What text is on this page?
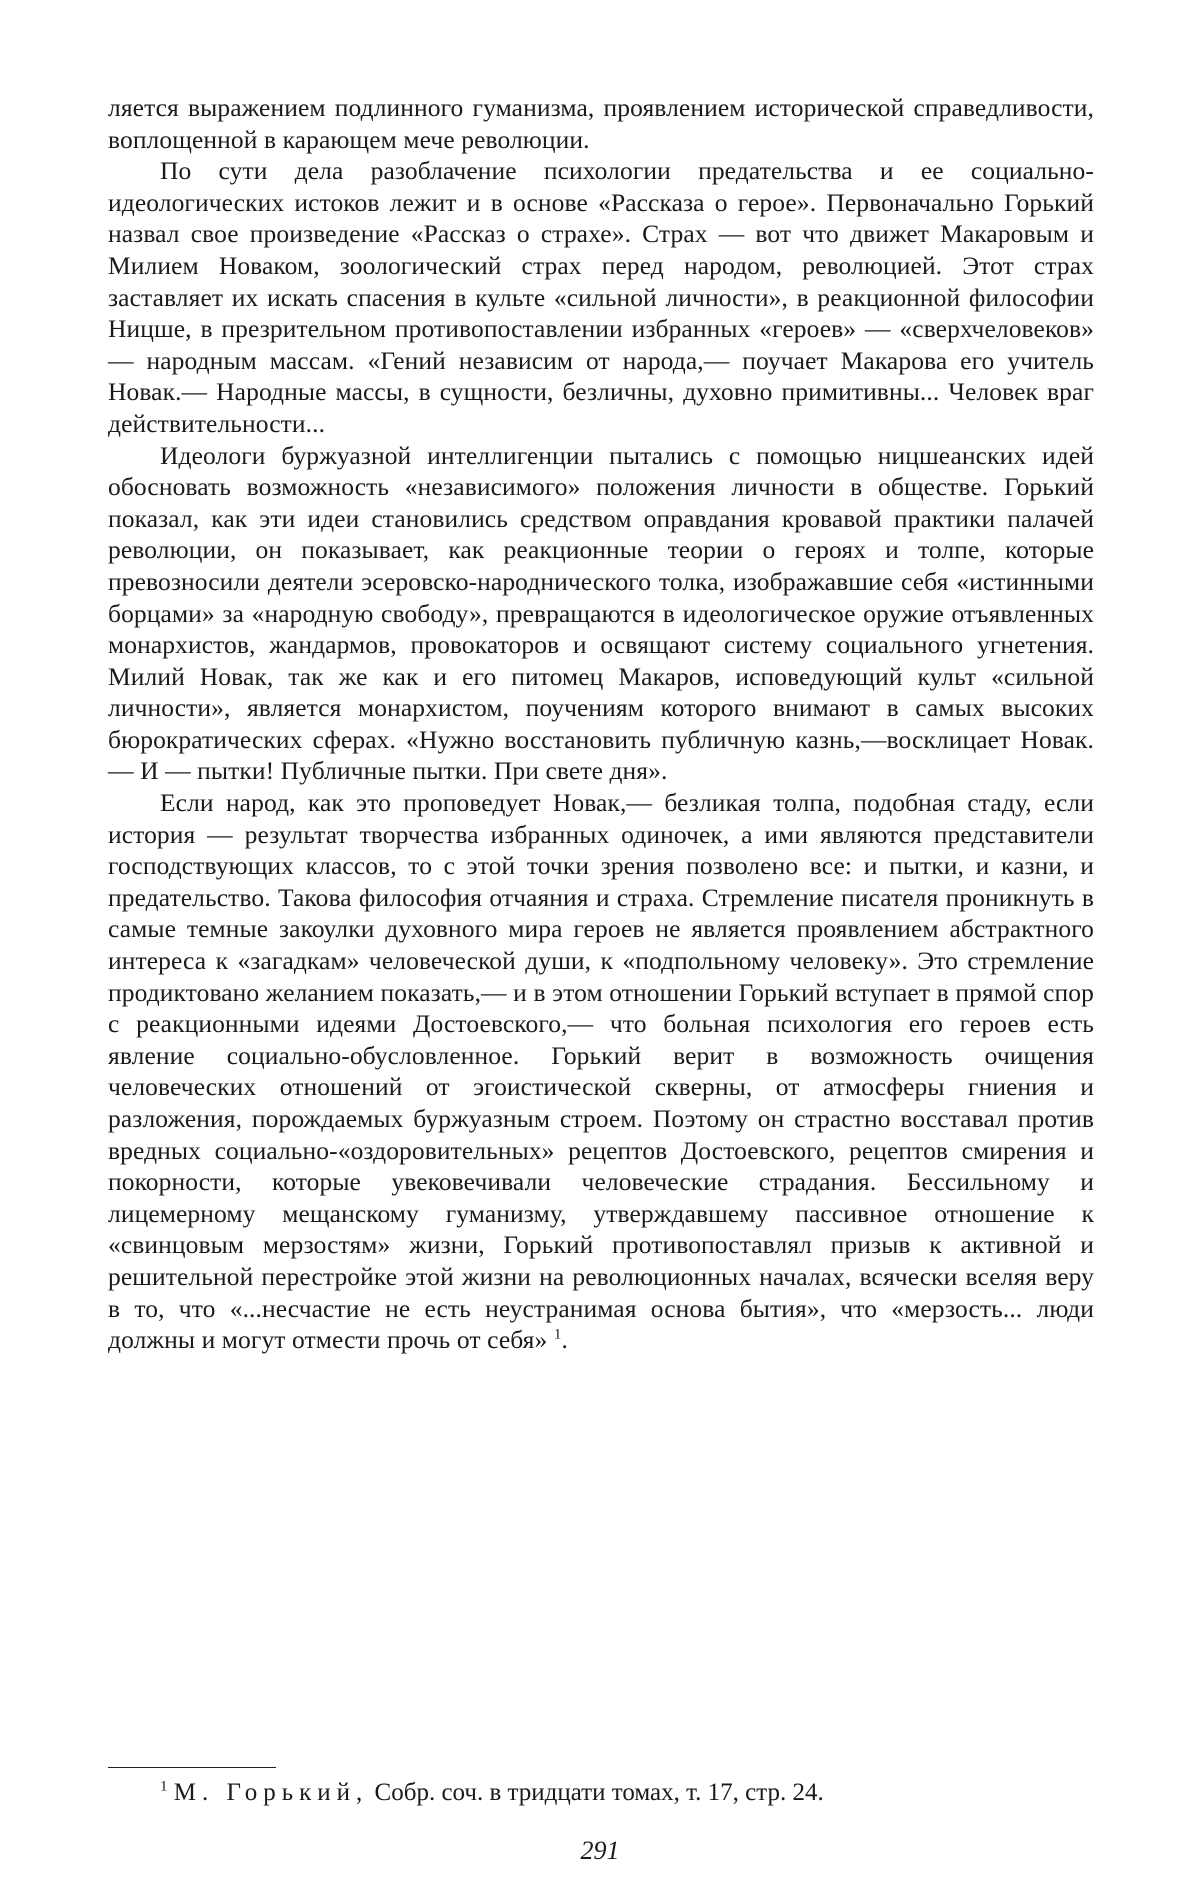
ляется выражением подлинного гуманизма, проявлением исторической справедливости, воплощенной в карающем мече революции.

По сути дела разоблачение психологии предательства и ее социально-идеологических истоков лежит и в основе «Рассказа о герое». Первоначально Горький назвал свое произведение «Рассказ о страхе». Страх — вот что движет Макаровым и Милием Новаком, зоологический страх перед народом, революцией. Этот страх заставляет их искать спасения в культе «сильной личности», в реакционной философии Ницше, в презрительном противопоставлении избранных «героев» — «сверхчеловеков» — народным массам. «Гений независим от народа,— поучает Макарова его учитель Новак.— Народные массы, в сущности, безличны, духовно примитивны... Человек враг действительности...

Идеологи буржуазной интеллигенции пытались с помощью ницшеанских идей обосновать возможность «независимого» положения личности в обществе. Горький показал, как эти идеи становились средством оправдания кровавой практики палачей революции, он показывает, как реакционные теории о героях и толпе, которые превозносили деятели эсеровско-народнического толка, изображавшие себя «истинными борцами» за «народную свободу», превращаются в идеологическое оружие отъявленных монархистов, жандармов, провокаторов и освящают систему социального угнетения. Милий Новак, так же как и его питомец Макаров, исповедующий культ «сильной личности», является монархистом, поучениям которого внимают в самых высоких бюрократических сферах. «Нужно восстановить публичную казнь,—восклицает Новак.— И — пытки! Публичные пытки. При свете дня».

Если народ, как это проповедует Новак,— безликая толпа, подобная стаду, если история — результат творчества избранных одиночек, а ими являются представители господствующих классов, то с этой точки зрения позволено все: и пытки, и казни, и предательство. Такова философия отчаяния и страха. Стремление писателя проникнуть в самые темные закоулки духовного мира героев не является проявлением абстрактного интереса к «загадкам» человеческой души, к «подпольному человеку». Это стремление продиктовано желанием показать,— и в этом отношении Горький вступает в прямой спор с реакционными идеями Достоевского,— что больная психология его героев есть явление социально-обусловленное. Горький верит в возможность очищения человеческих отношений от эгоистической скверны, от атмосферы гниения и разложения, порождаемых буржуазным строем. Поэтому он страстно восставал против вредных социально-«оздоровительных» рецептов Достоевского, рецептов смирения и покорности, которые увековечивали человеческие страдания. Бессильному и лицемерному мещанскому гуманизму, утверждавшему пассивное отношение к «свинцовым мерзостям» жизни, Горький противопоставлял призыв к активной и решительной перестройке этой жизни на революционных началах, всячески вселяя веру в то, что «...несчастие не есть неустранимая основа бытия», что «мерзость... люди должны и могут отмести прочь от себя» $^1$.

$^1$ М. Горький, Собр. соч. в тридцати томах, т. 17, стр. 24.
291
